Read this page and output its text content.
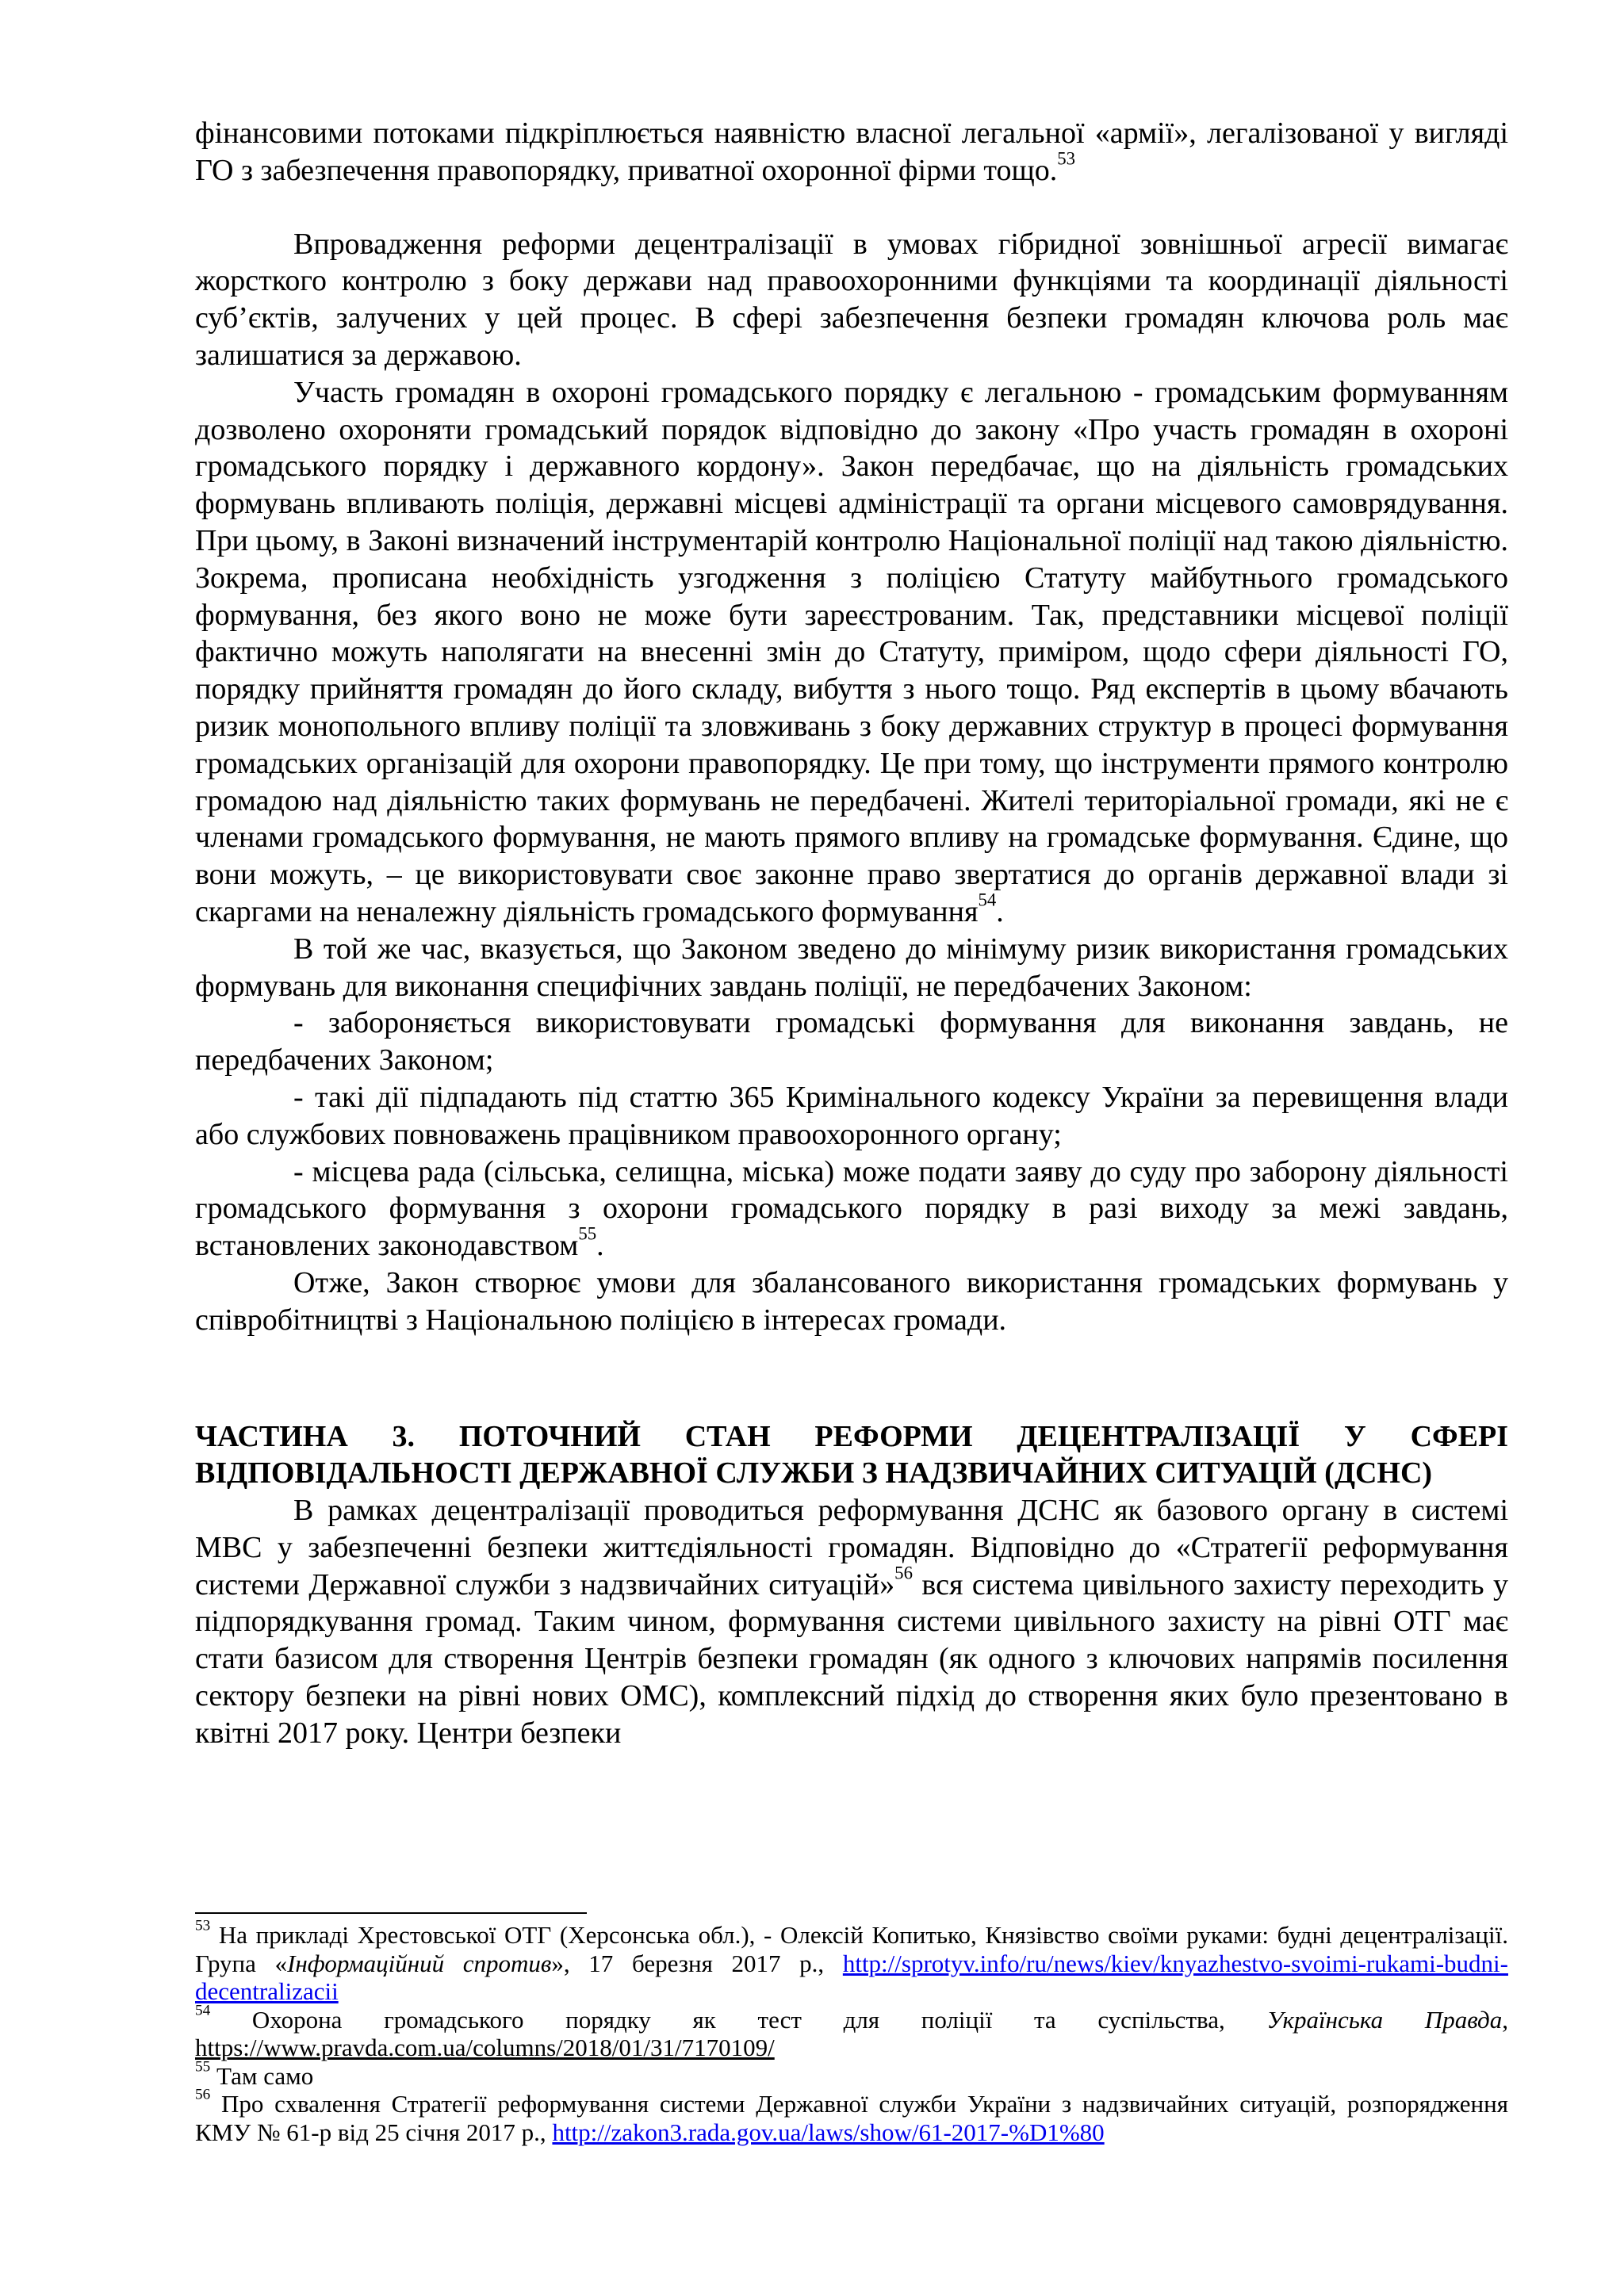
фінансовими потоками підкріплюється наявністю власної легальної «армії», легалізованої у вигляді ГО з забезпечення правопорядку, приватної охоронної фірми тощо.$^{53}$

Впровадження реформи децентралізації в умовах гібридної зовнішньої агресії вимагає жорсткого контролю з боку держави над правоохоронними функціями та координації діяльності суб’єктів, залучених у цей процес. В сфері забезпечення безпеки громадян ключова роль має залишатися за державою.

Участь громадян в охороні громадського порядку є легальною - громадським формуванням дозволено охороняти громадський порядок відповідно до закону «Про участь громадян в охороні громадського порядку і державного кордону». Закон передбачає, що на діяльність громадських формувань впливають поліція, державні місцеві адміністрації та органи місцевого самоврядування. При цьому, в Законі визначений інструментарій контролю Національної поліції над такою діяльністю. Зокрема, прописана необхідність узгодження з поліцією Статуту майбутнього громадського формування, без якого воно не може бути зареєстрованим. Так, представники місцевої поліції фактично можуть наполягати на внесенні змін до Статуту, приміром, щодо сфери діяльності ГО, порядку прийняття громадян до його складу, вибуття з нього тощо. Ряд експертів в цьому вбачають ризик монопольного впливу поліції та зловживань з боку державних структур в процесі формування громадських організацій для охорони правопорядку. Це при тому, що інструменти прямого контролю громадою над діяльністю таких формувань не передбачені. Жителі територіальної громади, які не є членами громадського формування, не мають прямого впливу на громадське формування. Єдине, що вони можуть, – це використовувати своє законне право звертатися до органів державної влади зі скаргами на неналежну діяльність громадського формування$^{54}$.

В той же час, вказується, що Законом зведено до мінімуму ризик використання громадських формувань для виконання специфічних завдань поліції, не передбачених Законом:

- забороняється використовувати громадські формування для виконання завдань, не передбачених Законом;

- такі дії підпадають під статтю 365 Кримінального кодексу України за перевищення влади або службових повноважень працівником правоохоронного органу;

- місцева рада (сільська, селищна, міська) може подати заяву до суду про заборону діяльності громадського формування з охорони громадського порядку в разі виходу за межі завдань, встановлених законодавством$^{55}$.

Отже, Закон створює умови для збалансованого використання громадських формувань у співробітництві з Національною поліцією в інтересах громади.

ЧАСТИНА 3. ПОТОЧНИЙ СТАН РЕФОРМИ ДЕЦЕНТРАЛІЗАЦІЇ У СФЕРІ ВІДПОВІДАЛЬНОСТІ ДЕРЖАВНОЇ СЛУЖБИ З НАДЗВИЧАЙНИХ СИТУАЦІЙ (ДСНС)

В рамках децентралізації проводиться реформування ДСНС як базового органу в системі МВС у забезпеченні безпеки життєдіяльності громадян. Відповідно до «Стратегії реформування системи Державної служби з надзвичайних ситуацій»$^{56}$ вся система цивільного захисту переходить у підпорядкування громад. Таким чином, формування системи цивільного захисту на рівні ОТГ має стати базисом для створення Центрів безпеки громадян (як одного з ключових напрямів посилення сектору безпеки на рівні нових ОМС), комплексний підхід до створення яких було презентовано в квітні 2017 року. Центри безпеки

$^{53}$ На прикладі Хрестовської ОТГ (Херсонська обл.), - Олексій Копитько, Князівство своїми руками: будні децентралізації. Група «Інформаційний спротив», 17 березня 2017 р., http://sprotyv.info/ru/news/kiev/knyazhestvo-svoimi-rukami-budni-decentralizacii

$^{54}$ Охорона громадського порядку як тест для поліції та суспільства, Українська Правда, https://www.pravda.com.ua/columns/2018/01/31/7170109/

$^{55}$ Там само

$^{56}$ Про схвалення Стратегії реформування системи Державної служби України з надзвичайних ситуацій, розпорядження КМУ № 61-р від 25 січня 2017 р., http://zakon3.rada.gov.ua/laws/show/61-2017-%D1%80
